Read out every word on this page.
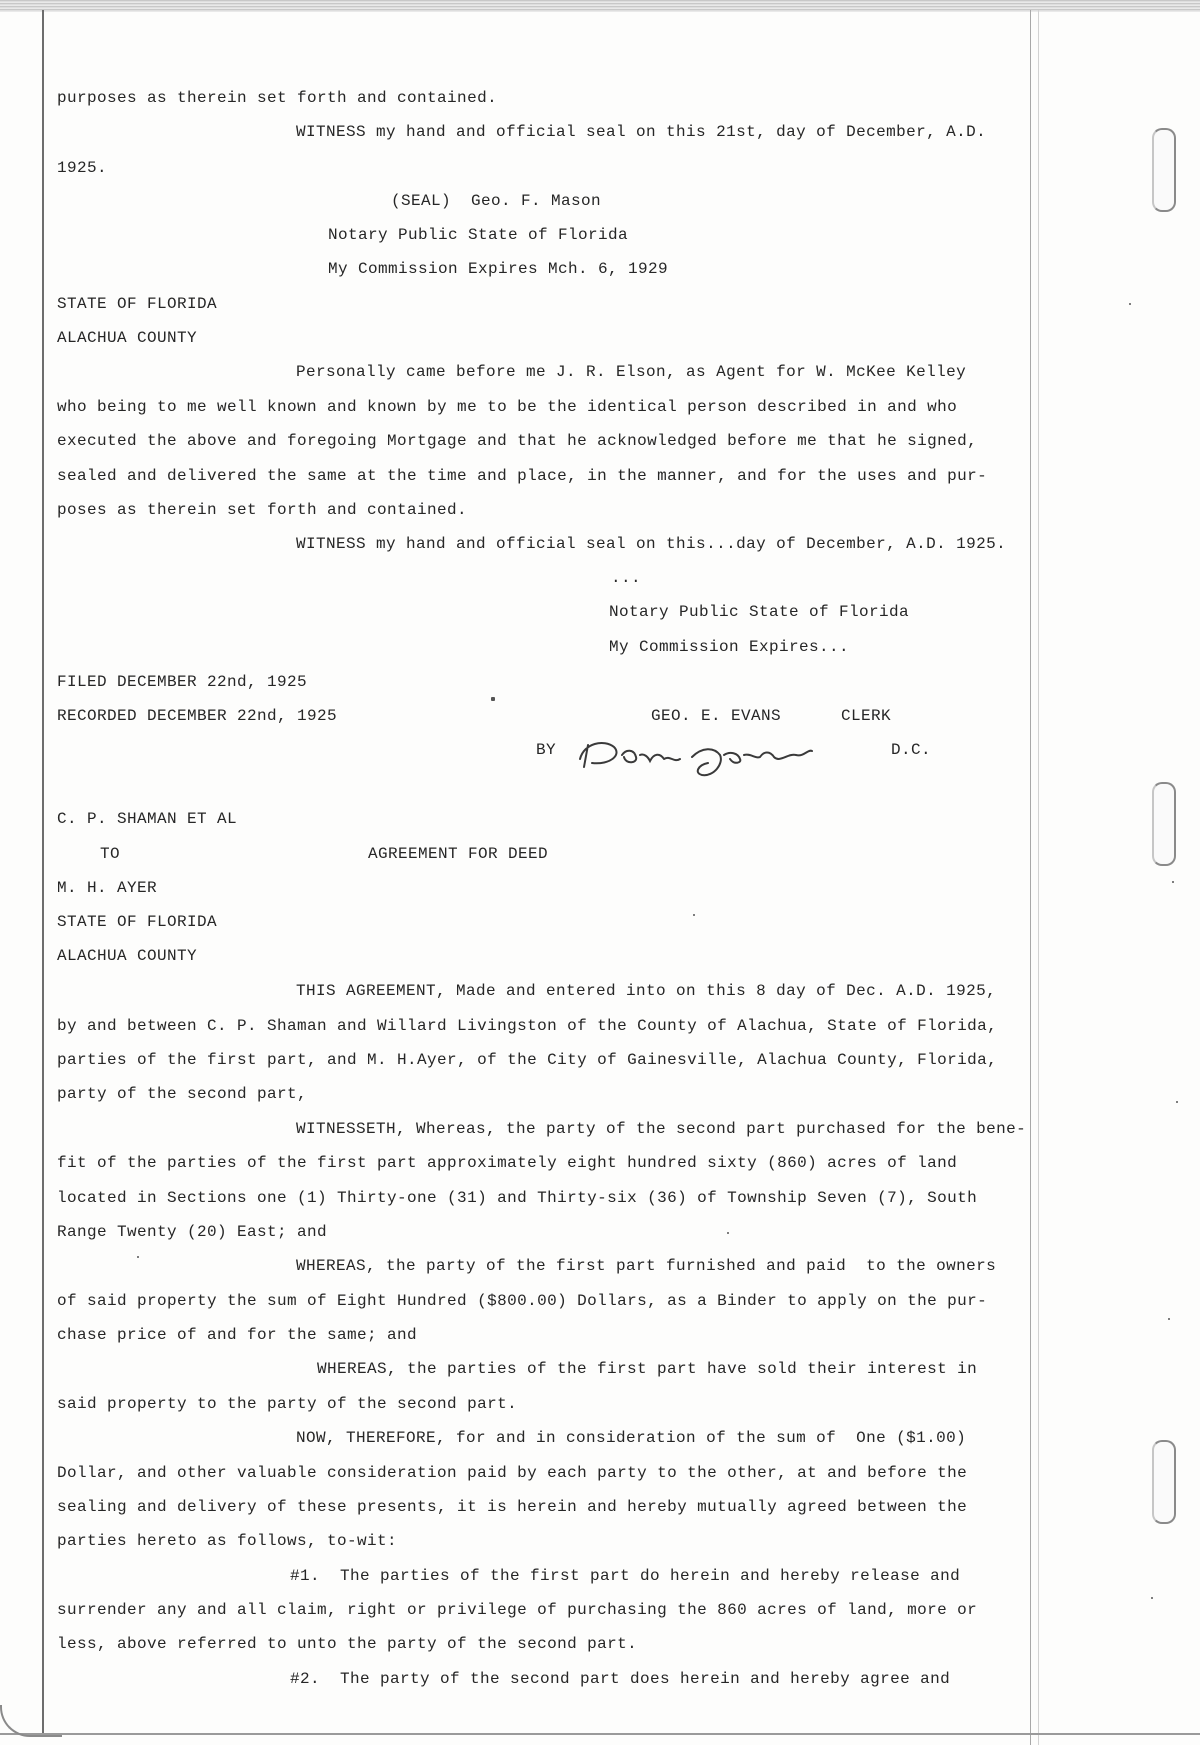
purposes as therein set forth and contained.
WITNESS my hand and official seal on this 21st, day of December, A.D.
1925.
(SEAL)  Geo. F. Mason
Notary Public State of Florida
My Commission Expires Mch. 6, 1929
STATE OF FLORIDA
ALACHUA COUNTY
Personally came before me J. R. Elson, as Agent for W. McKee Kelley
who being to me well known and known by me to be the identical person described in and who
executed the above and foregoing Mortgage and that he acknowledged before me that he signed,
sealed and delivered the same at the time and place, in the manner, and for the uses and pur-
poses as therein set forth and contained.
WITNESS my hand and official seal on this...day of December, A.D. 1925.
...
Notary Public State of Florida
My Commission Expires...
FILED DECEMBER 22nd, 1925
RECORDED DECEMBER 22nd, 1925	GEO. E. EVANS      CLERK
BY	D.C.
C. P. SHAMAN ET AL
TO	AGREEMENT FOR DEED
M. H. AYER
STATE OF FLORIDA
ALACHUA COUNTY
THIS AGREEMENT, Made and entered into on this 8 day of Dec. A.D. 1925,
by and between C. P. Shaman and Willard Livingston of the County of Alachua, State of Florida,
parties of the first part, and M. H.Ayer, of the City of Gainesville, Alachua County, Florida,
party of the second part,
WITNESSETH, Whereas, the party of the second part purchased for the bene-
fit of the parties of the first part approximately eight hundred sixty (860) acres of land
located in Sections one (1) Thirty-one (31) and Thirty-six (36) of Township Seven (7), South
Range Twenty (20) East; and
WHEREAS, the party of the first part furnished and paid  to the owners
of said property the sum of Eight Hundred ($800.00) Dollars, as a Binder to apply on the pur-
chase price of and for the same; and
WHEREAS, the parties of the first part have sold their interest in
said property to the party of the second part.
NOW, THEREFORE, for and in consideration of the sum of  One ($1.00)
Dollar, and other valuable consideration paid by each party to the other, at and before the
sealing and delivery of these presents, it is herein and hereby mutually agreed between the
parties hereto as follows, to-wit:
#1.  The parties of the first part do herein and hereby release and
surrender any and all claim, right or privilege of purchasing the 860 acres of land, more or
less, above referred to unto the party of the second part.
#2.  The party of the second part does herein and hereby agree and
